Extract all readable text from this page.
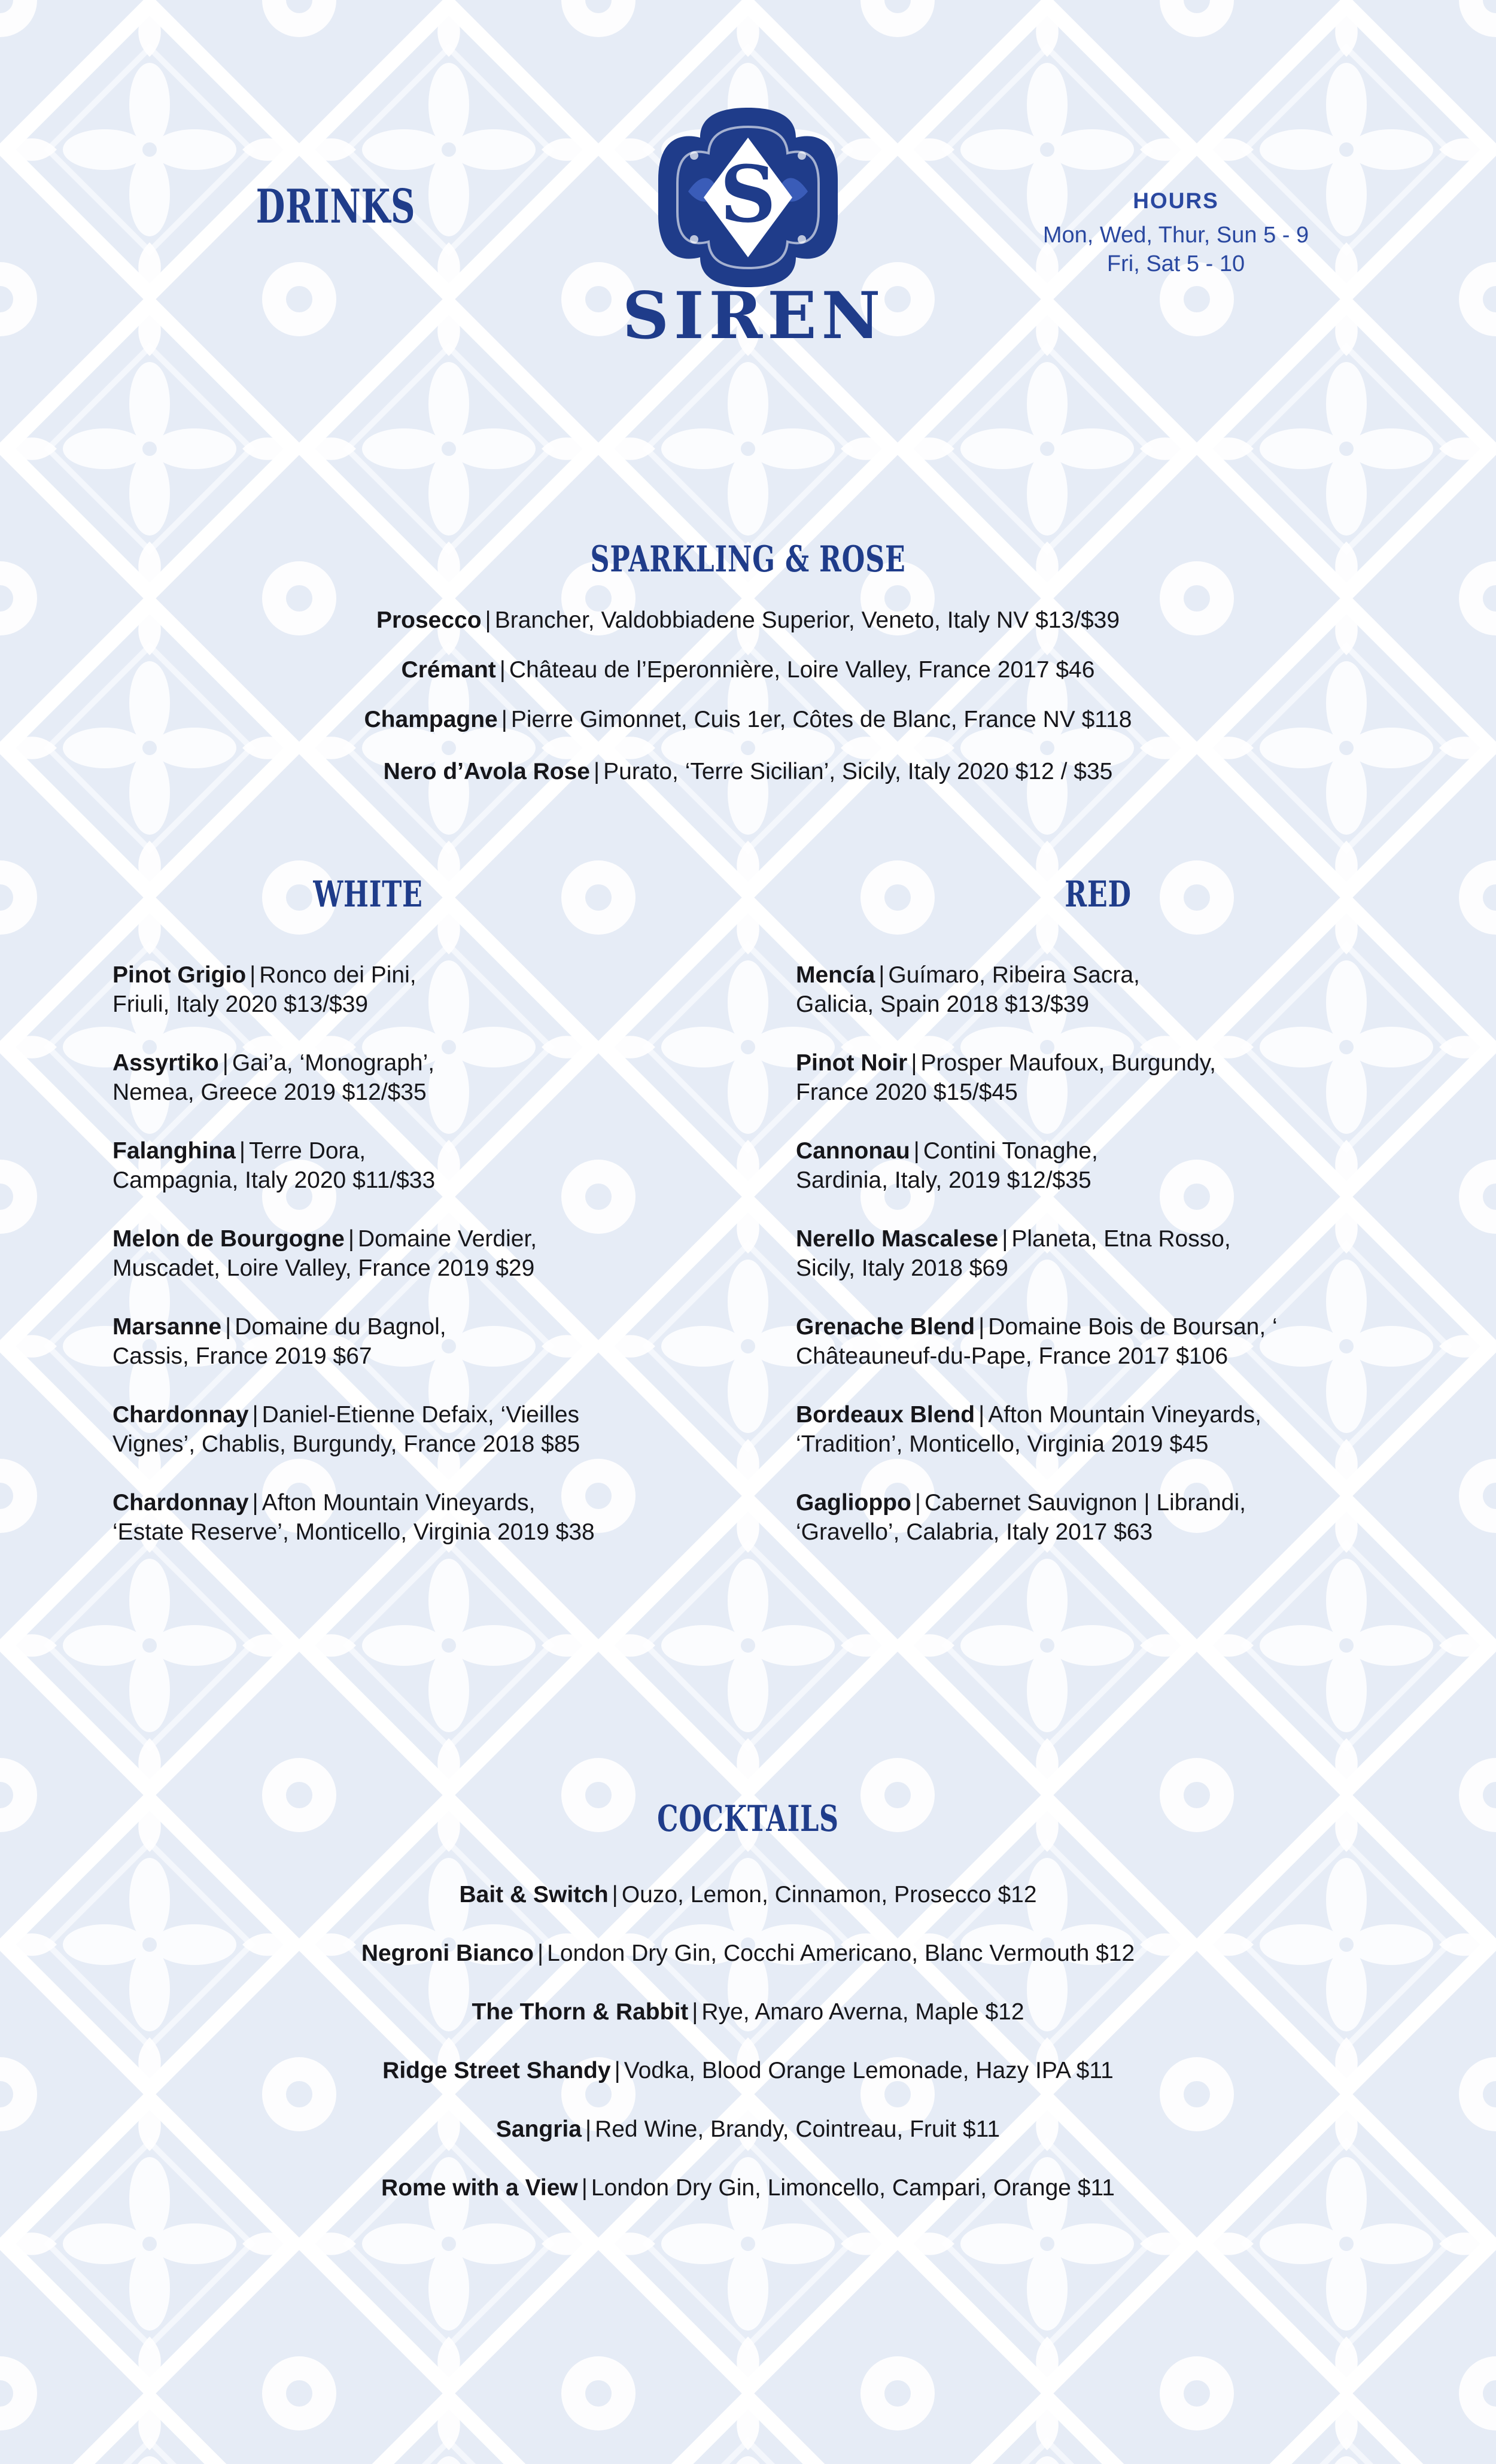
DRINKS	S
SIREN
HOURS
Mon, Wed, Thur, Sun 5 - 9
Fri, Sat 5 - 10
SPARKLING & ROSE
Prosecco | Brancher, Valdobbiadene Superior, Veneto, Italy NV $13/$39
Crémant | Château de l’Eperonnière, Loire Valley, France 2017 $46
Champagne | Pierre Gimonnet, Cuis 1er, Côtes de Blanc, France NV $118
Nero d’Avola Rose | Purato, ‘Terre Sicilian’, Sicily, Italy 2020 $12 / $35
WHITE
Pinot Grigio | Ronco dei Pini,
Friuli, Italy 2020 $13/$39
Assyrtiko | Gai’a, ‘Monograph’,
Nemea, Greece 2019 $12/$35
Falanghina | Terre Dora,
Campagnia, Italy 2020 $11/$33
Melon de Bourgogne | Domaine Verdier,
Muscadet, Loire Valley, France 2019 $29
Marsanne | Domaine du Bagnol,
Cassis, France 2019 $67
Chardonnay | Daniel-Etienne Defaix, ‘Vieilles
Vignes’, Chablis, Burgundy, France 2018 $85
Chardonnay | Afton Mountain Vineyards,
‘Estate Reserve’, Monticello, Virginia 2019 $38
RED
Mencía | Guímaro, Ribeira Sacra,
Galicia, Spain 2018 $13/$39
Pinot Noir | Prosper Maufoux, Burgundy,
France 2020 $15/$45
Cannonau | Contini Tonaghe,
Sardinia, Italy, 2019 $12/$35
Nerello Mascalese | Planeta, Etna Rosso,
Sicily, Italy 2018 $69
Grenache Blend | Domaine Bois de Boursan, ‘
Châteauneuf-du-Pape, France 2017 $106
Bordeaux Blend | Afton Mountain Vineyards,
‘Tradition’, Monticello, Virginia 2019 $45
Gaglioppo | Cabernet Sauvignon | Librandi,
‘Gravello’, Calabria, Italy 2017 $63
COCKTAILS
Bait & Switch | Ouzo, Lemon, Cinnamon, Prosecco $12
Negroni Bianco | London Dry Gin, Cocchi Americano, Blanc Vermouth $12
The Thorn & Rabbit | Rye, Amaro Averna, Maple $12
Ridge Street Shandy | Vodka, Blood Orange Lemonade, Hazy IPA $11
Sangria | Red Wine, Brandy, Cointreau, Fruit $11
Rome with a View | London Dry Gin, Limoncello, Campari, Orange $11
